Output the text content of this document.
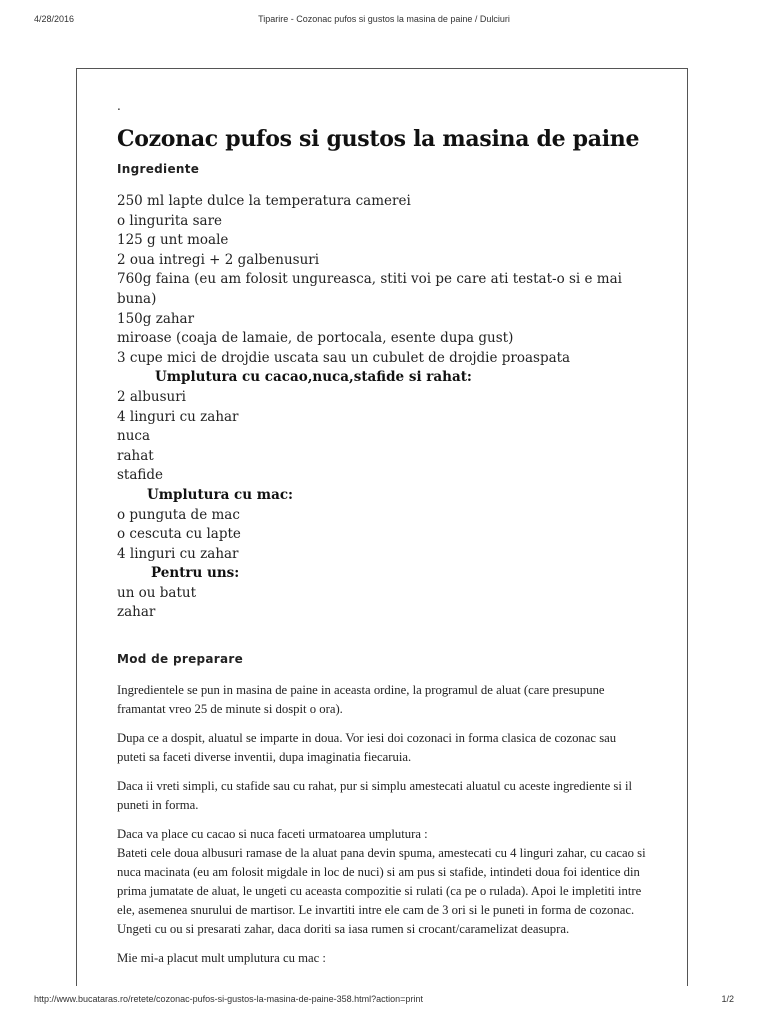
4/28/2016	Tiparire - Cozonac pufos si gustos la masina de paine / Dulciuri
.
Cozonac pufos si gustos la masina de paine
Ingrediente
250 ml lapte dulce la temperatura camerei
o lingurita sare
125 g unt moale
2 oua intregi + 2 galbenusuri
760g faina (eu am folosit ungureasca, stiti voi pe care ati testat-o si e mai buna)
150g zahar
miroase (coaja de lamaie, de portocala, esente dupa gust)
3 cupe mici de drojdie uscata sau un cubulet de drojdie proaspata
Umplutura cu cacao,nuca,stafide si rahat:
2 albusuri
4 linguri cu zahar
nuca
rahat
stafide
Umplutura cu mac:
o punguta de mac
o cescuta cu lapte
4 linguri cu zahar
Pentru uns:
un ou batut
zahar
Mod de preparare

Ingredientele se pun in masina de paine in aceasta ordine, la programul de aluat (care presupune framantat vreo 25 de minute si dospit o ora).

Dupa ce a dospit, aluatul se imparte in doua. Vor iesi doi cozonaci in forma clasica de cozonac sau puteti sa faceti diverse inventii, dupa imaginatia fiecaruia.

Daca ii vreti simpli, cu stafide sau cu rahat, pur si simplu amestecati aluatul cu aceste ingrediente si il puneti in forma.

Daca va place cu cacao si nuca faceti urmatoarea umplutura :
Bateti cele doua albusuri ramase de la aluat pana devin spuma, amestecati cu 4 linguri zahar, cu cacao si nuca macinata (eu am folosit migdale in loc de nuci) si am pus si stafide, intindeti doua foi identice din prima jumatate de aluat, le ungeti cu aceasta compozitie si rulati (ca pe o rulada). Apoi le impletiti intre ele, asemenea snurului de martisor. Le invartiti intre ele cam de 3 ori si le puneti in forma de cozonac. Ungeti cu ou si presarati zahar, daca doriti sa iasa rumen si crocant/caramelizat deasupra.

Mie mi-a placut mult umplutura cu mac :

http://www.bucataras.ro/retete/cozonac-pufos-si-gustos-la-masina-de-paine-358.html?action=print	1/2
